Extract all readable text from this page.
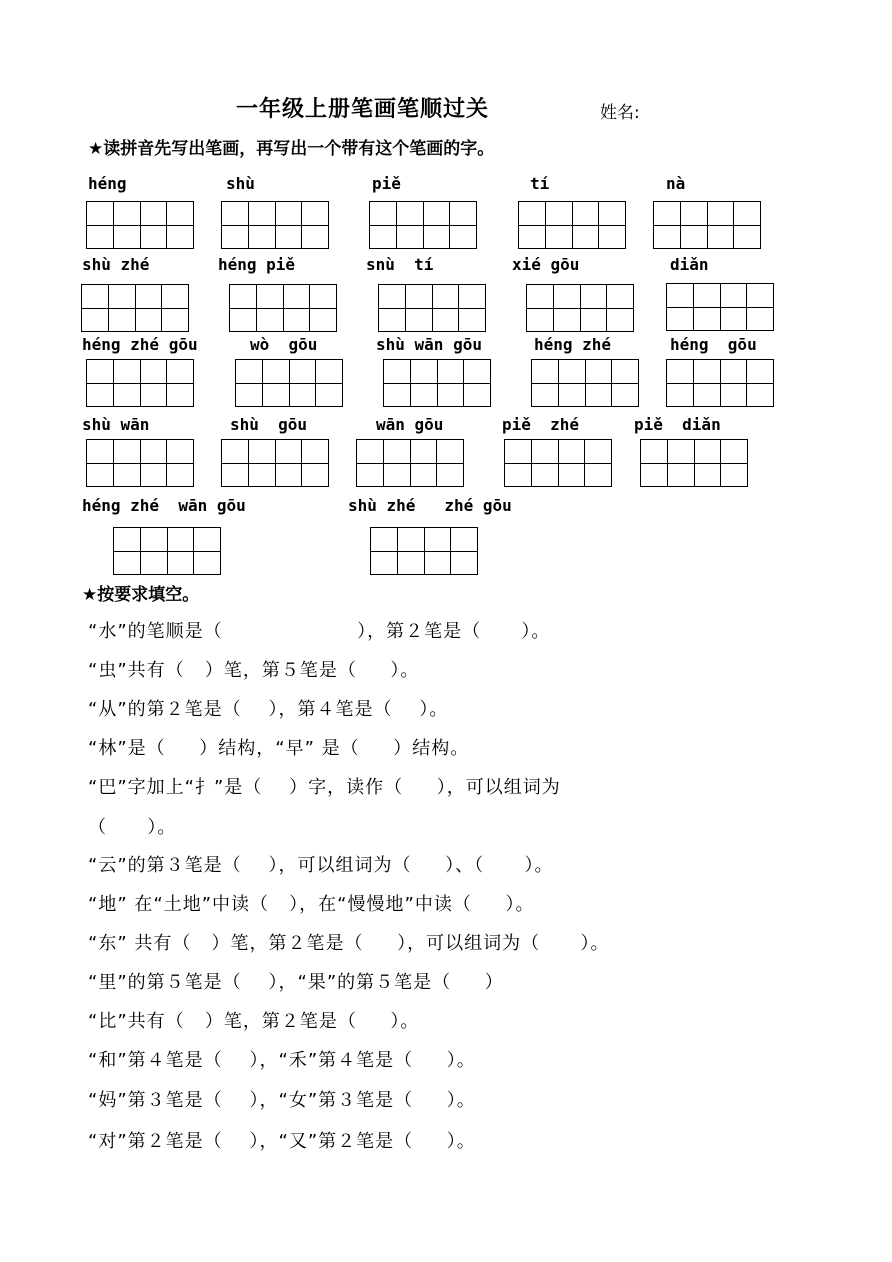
一年级上册笔画笔顺过关	姓名:
★读拼音先写出笔画，再写出一个带有这个笔画的字。
héng	shù	piě	tí	nà
shù zhé	héng piě	snù  tí	xié gōu	diǎn
héng zhé gōu	wò  gōu	shù wān gōu	héng zhé	héng  gōu
shù wān	shù  gōu	wān gōu	piě  zhé	piě  diǎn
héng zhé  wān gōu	shù zhé   zhé gōu
★按要求填空。
“水”的笔顺是（                    ），第２笔是（      ）。
“虫”共有（   ）笔，第５笔是（     ）。
“从”的第２笔是（    ），第４笔是（    ）。
“林”是（     ）结构，“早” 是（     ）结构。
“巴”字加上“扌”是（    ）字，读作（     ），可以组词为
（      ）。
“云”的第３笔是（    ），可以组词为（     ）、（      ）。
“地” 在“土地”中读（   ），在“慢慢地”中读（     ）。
“东” 共有（   ）笔，第２笔是（     ），可以组词为（      ）。
“里”的第５笔是（    ），“果”的第５笔是（     ）
“比”共有（   ）笔，第２笔是（     ）。
“和”第４笔是（    ），“禾”第４笔是（     ）。
“妈”第３笔是（    ），“女”第３笔是（     ）。
“对”第２笔是（    ），“又”第２笔是（     ）。
